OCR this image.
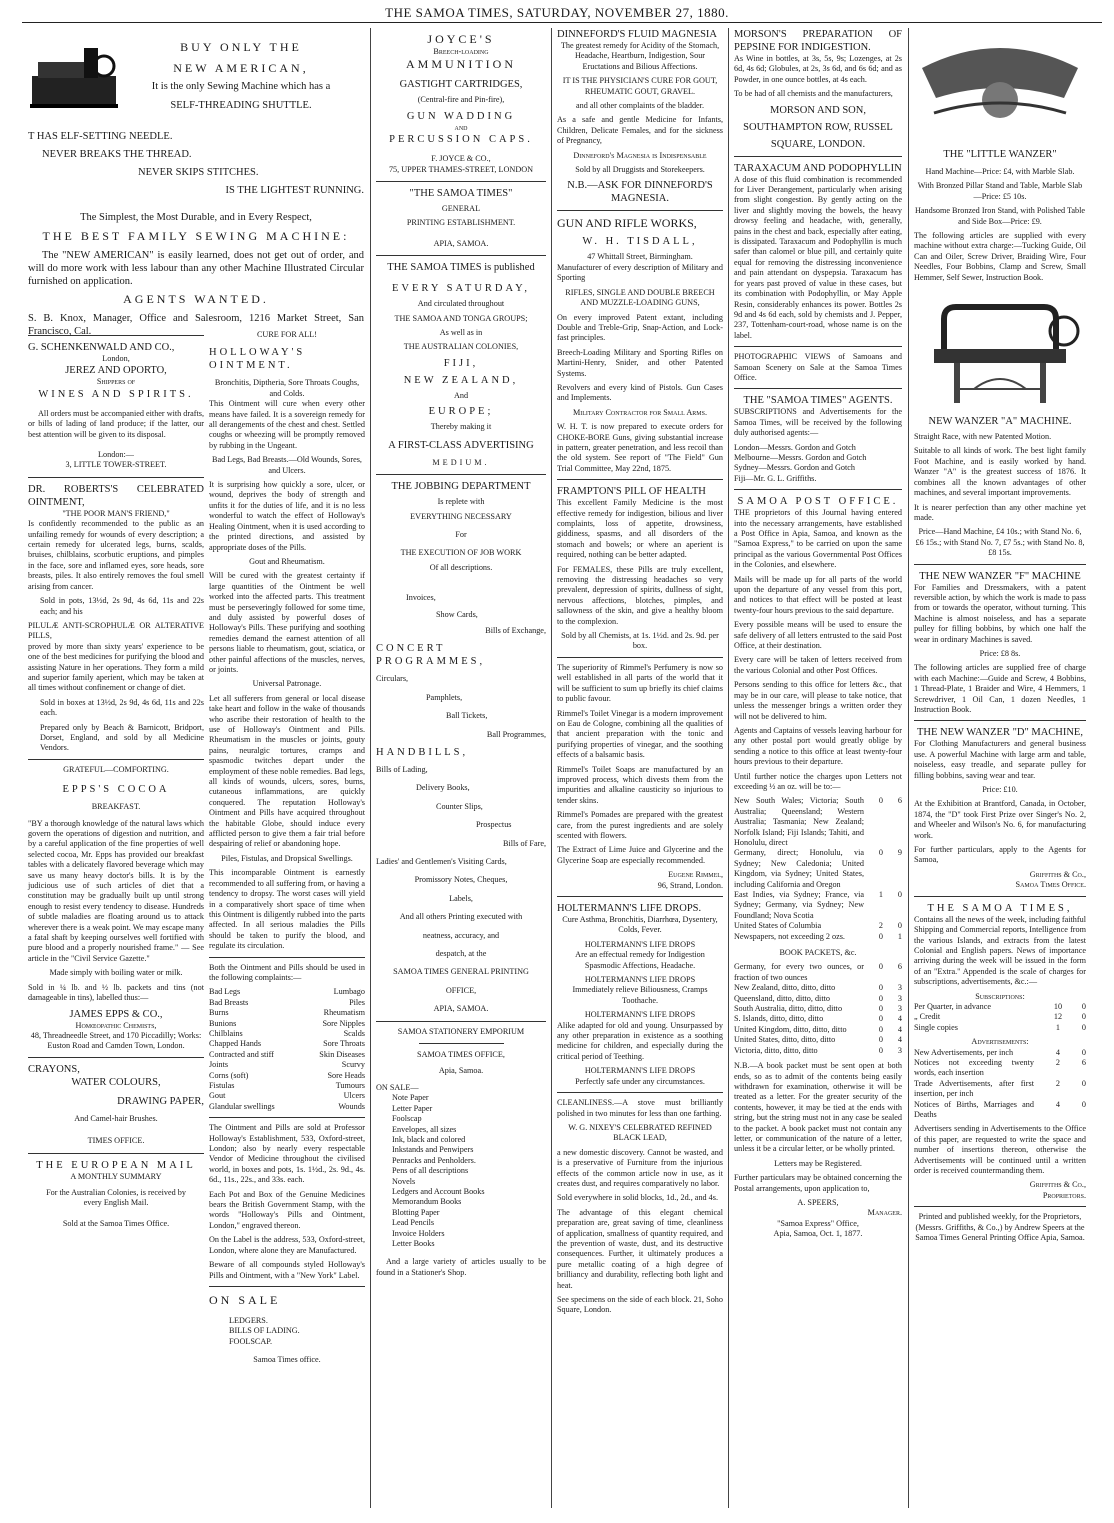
THE SAMOA TIMES, SATURDAY, NOVEMBER 27, 1880.
BUY ONLY THE
NEW AMERICAN,
It is the only Sewing Machine which has a
SELF-THREADING SHUTTLE.
T HAS ELF-SETTING NEEDLE.
NEVER BREAKS THE THREAD.
NEVER SKIPS STITCHES.
IS THE LIGHTEST RUNNING.
The Simplest, the Most Durable, and in Every Respect,
THE BEST FAMILY SEWING MACHINE:

The "NEW AMERICAN" is easily learned, does not get out of order, and will do more work with less labour than any other Machine Illustrated Circular furnished on application.

AGENTS WANTED.
S. B. Knox, Manager, Office and Salesroom, 1216 Market Street, San Francisco, Cal.
G. SCHENKENWALD AND CO.,
London,
JEREZ AND OPORTO,
Shippers of
WINES AND SPIRITS.

All orders must be accompanied either with drafts, or bills of lading of land produce; if the latter, our best attention will be given to its disposal.

London:—
3, LITTLE TOWER-STREET.
DR. ROBERTS'S CELEBRATED OINTMENT,
"THE POOR MAN'S FRIEND,"

Is confidently recommended to the public as an unfailing remedy for wounds of every description; a certain remedy for ulcerated legs, burns, scalds, bruises, chilblains, scorbutic eruptions, and pimples in the face, sore and inflamed eyes, sore heads, sore breasts, piles. It also entirely removes the foul smell arising from cancer.

Sold in pots, 13½d, 2s 9d, 4s 6d, 11s and 22s each; and his

PILULÆ ANTI-SCROPHULÆ OR ALTERATIVE PILLS,

proved by more than sixty years' experience to be one of the best medicines for purifying the blood and assisting Nature in her operations. They form a mild and superior family aperient, which may be taken at all times without confinement or change of diet.

Sold in boxes at 13½d, 2s 9d, 4s 6d, 11s and 22s each.

Prepared only by Beach & Barnicott, Bridport, Dorset, England, and sold by all Medicine Vendors.

GRATEFUL—COMFORTING.
EPPS'S COCOA
BREAKFAST.

"BY a thorough knowledge of the natural laws which govern the operations of digestion and nutrition, and by a careful application of the fine properties of well selected cocoa, Mr. Epps has provided our breakfast tables with a delicately flavored beverage which may save us many heavy doctor's bills. It is by the judicious use of such articles of diet that a constitution may be gradually built up until strong enough to resist every tendency to disease. Hundreds of subtle maladies are floating around us to attack wherever there is a weak point. We may escape many a fatal shaft by keeping ourselves well fortified with pure blood and a properly nourished frame." — See article in the "Civil Service Gazette."

Made simply with boiling water or milk.

Sold in ¼ lb. and ½ lb. packets and tins (not damageable in tins), labelled thus:—

JAMES EPPS & CO.,
Homœopathic Chemists,

48, Threadneedle Street, and 170 Piccadilly; Works: Euston Road and Camden Town, London.

CRAYONS,
WATER COLOURS,
DRAWING PAPER,
And Camel-hair Brushes.
TIMES OFFICE.
THE EUROPEAN MAIL
A MONTHLY SUMMARY
For the Australian Colonies, is received by
every English Mail.
Sold at the Samoa Times Office.
CURE FOR ALL!
HOLLOWAY'S OINTMENT.
Bronchitis, Diptheria, Sore Throats Coughs, and Colds.

This Ointment will cure when every other means have failed. It is a sovereign remedy for all derangements of the chest and chest. Settled coughs or wheezing will be promptly removed by rubbing in the Ungeant.

Bad Legs, Bad Breasts.—Old Wounds, Sores, and Ulcers.

It is surprising how quickly a sore, ulcer, or wound, deprives the body of strength and unfits it for the duties of life, and it is no less wonderful to watch the effect of Holloway's Healing Ointment, when it is used according to the printed directions, and assisted by appropriate doses of the Pills.

Gout and Rheumatism.

Will be cured with the greatest certainty if large quantities of the Ointment be well worked into the affected parts. This treatment must be perseveringly followed for some time, and duly assisted by powerful doses of Holloway's Pills. These purifying and soothing remedies demand the earnest attention of all persons liable to rheumatism, gout, sciatica, or other painful affections of the muscles, nerves, or joints.

Universal Patronage.

Let all sufferers from general or local disease take heart and follow in the wake of thousands who ascribe their restoration of health to the use of Holloway's Ointment and Pills. Rheumatism in the muscles or joints, gouty pains, neuralgic tortures, cramps and spasmodic twitches depart under the employment of these noble remedies. Bad legs, all kinds of wounds, ulcers, sores, burns, cutaneous inflammations, are quickly conquered. The reputation Holloway's Ointment and Pills have acquired throughout the habitable Globe, should induce every afflicted person to give them a fair trial before despairing of relief or abandoning hope.

Piles, Fistulas, and Dropsical Swellings.

This incomparable Ointment is earnestly recommended to all suffering from, or having a tendency to dropsy. The worst cases will yield in a comparatively short space of time when this Ointment is diligently rubbed into the parts affected. In all serious maladies the Pills should be taken to purify the blood, and regulate its circulation.

Both the Ointment and Pills should be used in the following complaints:—

Bad Legs	Lumbago
Bad Breasts	Piles
Burns	Rheumatism
Bunions	Sore Nipples
Chilblains	Scalds
Chapped Hands	Sore Throats
Contracted and stiff	Skin Diseases
Joints	Scurvy
Corns (soft)	Sore Heads
Fistulas	Tumours
Gout	Ulcers
Glandular swellings	Wounds

The Ointment and Pills are sold at Professor Holloway's Establishment, 533, Oxford-street, London; also by nearly every respectable Vendor of Medicine throughout the civilised world, in boxes and pots, 1s. 1½d., 2s. 9d., 4s. 6d., 11s., 22s., and 33s. each.

Each Pot and Box of the Genuine Medicines bears the British Government Stamp, with the words "Holloway's Pills and Ointment, London," engraved thereon.

On the Label is the address, 533, Oxford-street, London, where alone they are Manufactured.

Beware of all compounds styled Holloway's Pills and Ointment, with a "New York" Label.

ON SALE
LEDGERS.
BILLS OF LADING.
FOOLSCAP.
Samoa Times office.
JOYCE'S
Breech-loading
AMMUNITION
GASTIGHT CARTRIDGES,
(Central-fire and Pin-fire),
GUN WADDING
and
PERCUSSION CAPS.
F. JOYCE & CO.,
75, UPPER THAMES-STREET, LONDON
"THE SAMOA TIMES"
GENERAL
PRINTING ESTABLISHMENT.
APIA, SAMOA.
THE SAMOA TIMES is published
EVERY SATURDAY,
And circulated throughout
THE SAMOA AND TONGA GROUPS;
As well as in
THE AUSTRALIAN COLONIES,
FIJI,
NEW ZEALAND,
And
EUROPE;
Thereby making it
A FIRST-CLASS ADVERTISING
MEDIUM.
THE JOBBING DEPARTMENT
Is replete with
EVERYTHING NECESSARY
For
THE EXECUTION OF JOB WORK
Of all descriptions.
Invoices,
Show Cards,
Bills of Exchange,
CONCERT PROGRAMMES,
Circulars,
Pamphlets,
Ball Tickets,
Ball Programmes,
HANDBILLS,
Bills of Lading,
Delivery Books,
Counter Slips,
Prospectus
Bills of Fare,
Ladies' and Gentlemen's Visiting Cards,
Promissory Notes, Cheques,
Labels,
And all others Printing executed with
neatness, accuracy, and
despatch, at the
SAMOA TIMES GENERAL PRINTING
OFFICE,
APIA, SAMOA.
SAMOA STATIONERY EMPORIUM
SAMOA TIMES OFFICE,
Apia, Samoa.
ON SALE—
Note Paper
Letter Paper
Foolscap
Envelopes, all sizes
Ink, black and colored
Inkstands and Penwipers
Penracks and Penholders.
Pens of all descriptions
Novels
Ledgers and Account Books
Memorandum Books
Blotting Paper
Lead Pencils
Invoice Holders
Letter Books

And a large variety of articles usually to be found in a Stationer's Shop.

DINNEFORD'S FLUID MAGNESIA

The greatest remedy for Acidity of the Stomach, Headache, Heartburn, Indigestion, Sour Eructations and Bilious Affections.

IT IS THE PHYSICIAN'S CURE FOR GOUT, RHEUMATIC GOUT, GRAVEL.

and all other complaints of the bladder.

As a safe and gentle Medicine for Infants, Children, Delicate Females, and for the sickness of Pregnancy,

Dinneford's Magnesia is Indispensable

Sold by all Druggists and Storekeepers.

N.B.—ASK FOR DINNEFORD'S MAGNESIA.

GUN AND RIFLE WORKS,
W. H. TISDALL,
47 Whittall Street, Birmingham.

Manufacturer of every description of Military and Sporting

RIFLES, SINGLE AND DOUBLE BREECH AND MUZZLE-LOADING GUNS,

On every improved Patent extant, including Double and Treble-Grip, Snap-Action, and Lock-fast principles.

Breech-Loading Military and Sporting Rifles on Martini-Henry, Snider, and other Patented Systems.

Revolvers and every kind of Pistols. Gun Cases and Implements.

Military Contractor for Small Arms.

W. H. T. is now prepared to execute orders for CHOKE-BORE Guns, giving substantial increase in pattern, greater penetration, and less recoil than the old system. See report of "The Field" Gun Trial Committee, May 22nd, 1875.

FRAMPTON'S PILL OF HEALTH

This excellent Family Medicine is the most effective remedy for indigestion, bilious and liver complaints, loss of appetite, drowsiness, giddiness, spasms, and all disorders of the stomach and bowels; or where an aperient is required, nothing can be better adapted.

For FEMALES, these Pills are truly excellent, removing the distressing headaches so very prevalent, depression of spirits, dullness of sight, nervous affections, blotches, pimples, and sallowness of the skin, and give a healthy bloom to the complexion.

Sold by all Chemists, at 1s. 1½d. and 2s. 9d. per box.

The superiority of Rimmel's Perfumery is now so well established in all parts of the world that it will be sufficient to sum up briefly its chief claims to public favour.

Rimmel's Toilet Vinegar is a modern improvement on Eau de Cologne, combining all the qualities of that ancient preparation with the tonic and purifying properties of vinegar, and the soothing effects of a balsamic basis.

Rimmel's Toilet Soaps are manufactured by an improved process, which divests them from the impurities and alkaline causticity so injurious to tender skins.

Rimmel's Pomades are prepared with the greatest care, from the purest ingredients and are solely scented with flowers.

The Extract of Lime Juice and Glycerine and the Glycerine Soap are especially recommended.

Eugene Rimmel,
96, Strand, London.
HOLTERMANN'S LIFE DROPS.

Cure Asthma, Bronchitis, Diarrhœa, Dysentery, Colds, Fever.

HOLTERMANN'S LIFE DROPS

Are an effectual remedy for Indigestion Spasmodic Affections, Headache.

HOLTERMANN'S LIFE DROPS

Immediately relieve Biliousness, Cramps Toothache.

HOLTERMANN'S LIFE DROPS

Alike adapted for old and young. Unsurpassed by any other preparation in existence as a soothing medicine for children, and especially during the critical period of Teething.

HOLTERMANN'S LIFE DROPS

Perfectly safe under any circumstances.

CLEANLINESS.—A stove must brilliantly polished in two minutes for less than one farthing.

W. G. NIXEY'S CELEBRATED REFINED BLACK LEAD,

a new domestic discovery. Cannot be wasted, and is a preservative of Furniture from the injurious effects of the common article now in use, as it creates dust, and requires comparatively no labor.

Sold everywhere in solid blocks, 1d., 2d., and 4s.

The advantage of this elegant chemical preparation are, great saving of time, cleanliness of application, smallness of quantity required, and the prevention of waste, dust, and its destructive consequences. Further, it ultimately produces a pure metallic coating of a high degree of brilliancy and durability, reflecting both light and heat.

See specimens on the side of each block. 21, Soho Square, London.

MORSON'S PREPARATION OF PEPSINE FOR INDIGESTION.

As Wine in bottles, at 3s, 5s, 9s; Lozenges, at 2s 6d, 4s 6d; Globules, at 2s, 3s 6d, and 6s 6d; and as Powder, in one ounce bottles, at 4s each.

To be had of all chemists and the manufacturers,

MORSON AND SON,
SOUTHAMPTON ROW, RUSSEL
SQUARE, LONDON.
TARAXACUM AND PODOPHYLLIN

A dose of this fluid combination is recommended for Liver Derangement, particularly when arising from slight congestion. By gently acting on the liver and slightly moving the bowels, the heavy drowsy feeling and headache, with, generally, pains in the chest and back, especially after eating, is dissipated. Taraxacum and Podophyllin is much safer than calomel or blue pill, and certainly quite equal for removing the distressing inconvenience and pain attendant on dyspepsia. Taraxacum has for years past proved of value in these cases, but its combination with Podophyllin, or May Apple Resin, considerably enhances its power. Bottles 2s 9d and 4s 6d each, sold by chemists and J. Pepper, 237, Tottenham-court-road, whose name is on the label.

PHOTOGRAPHIC VIEWS of Samoans and Samoan Scenery on Sale at the Samoa Times Office.

THE "SAMOA TIMES" AGENTS.

SUBSCRIPTIONS and Advertisements for the Samoa Times, will be received by the following duly authorised agents:—

London—Messrs. Gordon and Gotch
Melbourne—Messrs. Gordon and Gotch
Sydney—Messrs. Gordon and Gotch
Fiji—Mr. G. L. Griffiths.
SAMOA POST OFFICE.

THE proprietors of this Journal having entered into the necessary arrangements, have established a Post Office in Apia, Samoa, and known as the "Samoa Express," to be carried on upon the same principal as the various Governmental Post Offices in the Colonies, and elsewhere.

Mails will be made up for all parts of the world upon the departure of any vessel from this port, and notices to that effect will be posted at least twenty-four hours previous to the said departure.

Every possible means will be used to ensure the safe delivery of all letters entrusted to the said Post Office, at their destination.

Every care will be taken of letters received from the various Colonial and other Post Offices.

Persons sending to this office for letters &c., that may be in our care, will please to take notice, that unless the messenger brings a written order they will not be delivered to him.

Agents and Captains of vessels leaving harbour for any other postal port would greatly oblige by sending a notice to this office at least twenty-four hours previous to their departure.

Until further notice the charges upon Letters not exceeding ½ an oz. will be to:—

New South Wales; Victoria; South Australia; Queensland; Western Australia; Tasmania; New Zealand; Norfolk Island; Fiji Islands; Tahiti, and Honolulu, direct
0 6
Germany, direct; Honolulu, via Sydney; New Caledonia; United Kingdom, via Sydney; United States, including California and Oregon
0 9
East Indies, via Sydney; France, via Sydney; Germany, via Sydney; New Foundland; Nova Scotia
1 0
United States of Columbia	2 0
Newspapers, not exceeding 2 ozs.	0 1
BOOK PACKETS, &c.
Germany, for every two ounces, or fraction of two ounces
0 6
New Zealand, ditto, ditto, ditto	0 3
Queensland, ditto, ditto, ditto	0 3
South Australia, ditto, ditto, ditto	0 3
S. Islands, ditto, ditto, ditto	0 4
United Kingdom, ditto, ditto, ditto	0 4
United States, ditto, ditto, ditto	0 4
Victoria, ditto, ditto, ditto	0 3

N.B.—A book packet must be sent open at both ends, so as to admit of the contents being easily withdrawn for examination, otherwise it will be treated as a letter. For the greater security of the contents, however, it may be tied at the ends with string, but the string must not in any case be sealed to the packet. A book packet must not contain any letter, or communication of the nature of a letter, unless it be a circular letter, or be wholly printed.

Letters may be Registered.

Further particulars may be obtained concerning the Postal arrangements, upon application to,

A. SPEERS,
Manager.
"Samoa Express" Office,
Apia, Samoa, Oct. 1, 1877.
THE "LITTLE WANZER"

Hand Machine—Price: £4, with Marble Slab.

With Bronzed Pillar Stand and Table, Marble Slab—Price: £5 10s.

Handsome Bronzed Iron Stand, with Polished Table and Side Box—Price: £9.

The following articles are supplied with every machine without extra charge:—Tucking Guide, Oil Can and Oiler, Screw Driver, Braiding Wire, Four Needles, Four Bobbins, Clamp and Screw, Small Hemmer, Self Sewer, Instruction Book.

NEW WANZER "A" MACHINE.

Straight Race, with new Patented Motion.

Suitable to all kinds of work. The best light family Foot Machine, and is easily worked by hand. Wanzer "A" is the greatest success of 1876. It combines all the known advantages of other machines, and several important improvements.

It is nearer perfection than any other machine yet made.

Price—Hand Machine, £4 10s.; with Stand No. 6, £6 15s.; with Stand No. 7, £7 5s.; with Stand No. 8, £8 15s.

THE NEW WANZER "F" MACHINE

For Families and Dressmakers, with a patent reversible action, by which the work is made to pass from or towards the operator, without turning. This Machine is almost noiseless, and has a separate pulley for filling bobbins, by which one half the wear in ordinary Machines is saved.

Price: £8 8s.

The following articles are supplied free of charge with each Machine:—Guide and Screw, 4 Bobbins, 1 Thread-Plate, 1 Braider and Wire, 4 Hemmers, 1 Screwdriver, 1 Oil Can, 1 dozen Needles, 1 Instruction Book.

THE NEW WANZER "D" MACHINE,

For Clothing Manufacturers and general business use. A powerful Machine with large arm and table, noiseless, easy treadle, and separate pulley for filling bobbins, saving wear and tear.

Price: £10.

At the Exhibition at Brantford, Canada, in October, 1874, the "D" took First Prize over Singer's No. 2, and Wheeler and Wilson's No. 6, for manufacturing work.

For further particulars, apply to the Agents for Samoa,

Griffiths & Co.,
Samoa Times Office.
THE SAMOA TIMES,

Contains all the news of the week, including faithful Shipping and Commercial reports, Intelligence from the various Islands, and extracts from the latest Colonial and English papers. News of importance arriving during the week will be issued in the form of an "Extra." Appended is the scale of charges for subscriptions, advertisements, &c.:—

Subscriptions:
Per Quarter, in advance	10 0
„ Credit	12 0
Single copies	1	0
Advertisements:
New Advertisements, per inch	4	0
Notices not exceeding twenty words, each insertion
2	6
Trade Advertisements, after first insertion, per inch
2	0
Notices of Births, Marriages and Deaths
4	0

Advertisers sending in Advertisements to the Office of this paper, are requested to write the space and number of insertions thereon, otherwise the Advertisements will be continued until a written order is received countermanding them.

Griffiths & Co.,
Proprietors.

Printed and published weekly, for the Proprietors, (Messrs. Griffiths, & Co.,) by Andrew Speers at the Samoa Times General Printing Office Apia, Samoa.
